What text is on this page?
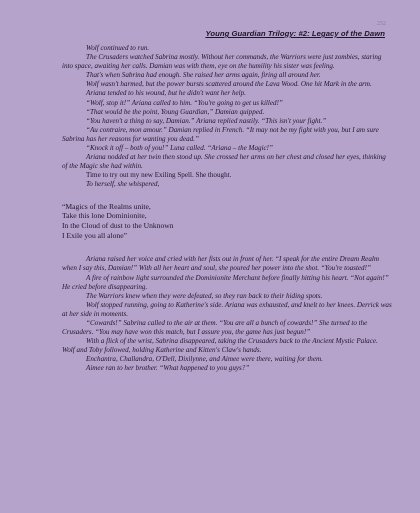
252
Young Guardian Trilogy: #2: Legacy of the Dawn

Wolf continued to run.

The Crusaders watched Sabrina mostly. Without her commands, the Warriors were just zombies, staring into space, awaiting her calls. Damian was with them, eye on the humility his sister was feeling.

That's when Sabrina had enough. She raised her arms again, firing all around her.

Wolf wasn't harmed, but the power bursts scattered around the Lava Wood. One hit Mark in the arm.

Ariana tended to his wound, but he didn't want her help.

“Wolf, stop it!” Ariana called to him. “You're going to get us killed!”

“That would be the point, Young Guardian,” Damian quipped.

“You haven't a thing to say, Damian.” Ariana replied nastily. “This isn't your fight.”

“Au contraire, mon amour.” Damian replied in French. “It may not be my fight with you, but I am sure Sabrina has her reasons for wanting you dead.”

“Knock it off – both of you!” Luna called. “Ariana – the Magic!”

Ariana nodded at her twin then stood up. She crossed her arms on her chest and closed her eyes, thinking of the Magic she had within.

Time to try out my new Exiling Spell. She thought.

To herself, she whispered,

“Magics of the Realms unite,

Take this lone Dominionite,

In the Cloud of dust to the Unknown

I Exile you all alone”

Ariana raised her voice and cried with her fists out in front of her. “I speak for the entire Dream Realm when I say this, Damian!” With all her heart and soul, she poured her power into the shot. “You're toasted!”

A fire of rainbow light surrounded the Dominionite Merchant before finally hitting his heart. “Not again!” He cried before disappearing.

The Warriors knew when they were defeated, so they ran back to their hiding spots.

Wolf stopped running, going to Katherine's side. Ariana was exhausted, and knelt to her knees. Derrick was at her side in moments.

“Cowards!” Sabrina called to the air at them. “You are all a bunch of cowards!” She turned to the Crusaders. “You may have won this match, but I assure you, the game has just begun!”

With a flick of the wrist, Sabrina disappeared, taking the Crusaders back to the Ancient Mystic Palace. Wolf and Toby followed, holding Katherine and Kitten's Claw's hands.

Enchantra, Challandra, O'Dell, Dixilynne, and Aimee were there, waiting for them.

Aimee ran to her brother. “What happened to you guys?”
